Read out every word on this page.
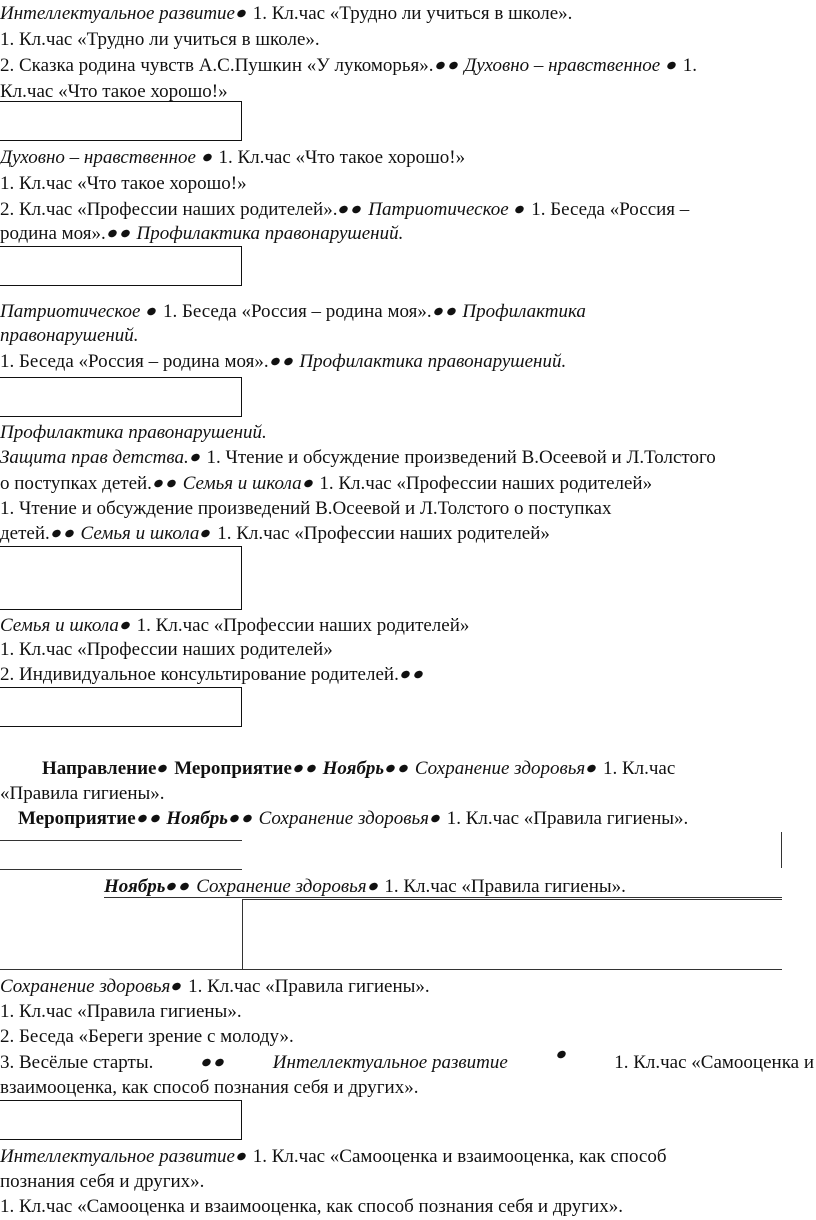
Интеллектуальное развитие 1. Кл.час «Трудно ли учиться в школе».
1. Кл.час «Трудно ли учиться в школе».
2. Сказка родина чувств А.С.Пушкин «У лукоморья». Духовно – нравственное  1.
Кл.час «Что такое хорошо!»
Духовно – нравственное  1. Кл.час «Что такое хорошо!»
1. Кл.час «Что такое хорошо!»
2. Кл.час «Профессии наших родителей». Патриотическое  1. Беседа «Россия –
родина моя». Профилактика правонарушений.
Патриотическое  1. Беседа «Россия – родина моя». Профилактика
правонарушений.
1. Беседа «Россия – родина моя». Профилактика правонарушений.
Профилактика правонарушений.
Защита прав детства. 1. Чтение и обсуждение произведений В.Осеевой и Л.Толстого
о поступках детей. Семья и школа 1. Кл.час «Профессии наших родителей»
1. Чтение и обсуждение произведений В.Осеевой и Л.Толстого о поступках
детей. Семья и школа 1. Кл.час «Профессии наших родителей»
Семья и школа 1. Кл.час «Профессии наших родителей»
1. Кл.час «Профессии наших родителей»
2. Индивидуальное консультирование родителей.
Направление Мероприятие Ноябрь Сохранение здоровья 1. Кл.час
«Правила гигиены».
Мероприятие Ноябрь Сохранение здоровья 1. Кл.час «Правила гигиены».
Ноябрь Сохранение здоровья 1. Кл.час «Правила гигиены».
Сохранение здоровья 1. Кл.час «Правила гигиены».
1. Кл.час «Правила гигиены».
2. Беседа «Береги зрение с молоду».
3. Весёлые старты.	Интеллектуальное развитие	1. Кл.час «Самооценка и
взаимооценка, как способ познания себя и других».
Интеллектуальное развитие 1. Кл.час «Самооценка и взаимооценка, как способ
познания себя и других».
1. Кл.час «Самооценка и взаимооценка, как способ познания себя и других».
